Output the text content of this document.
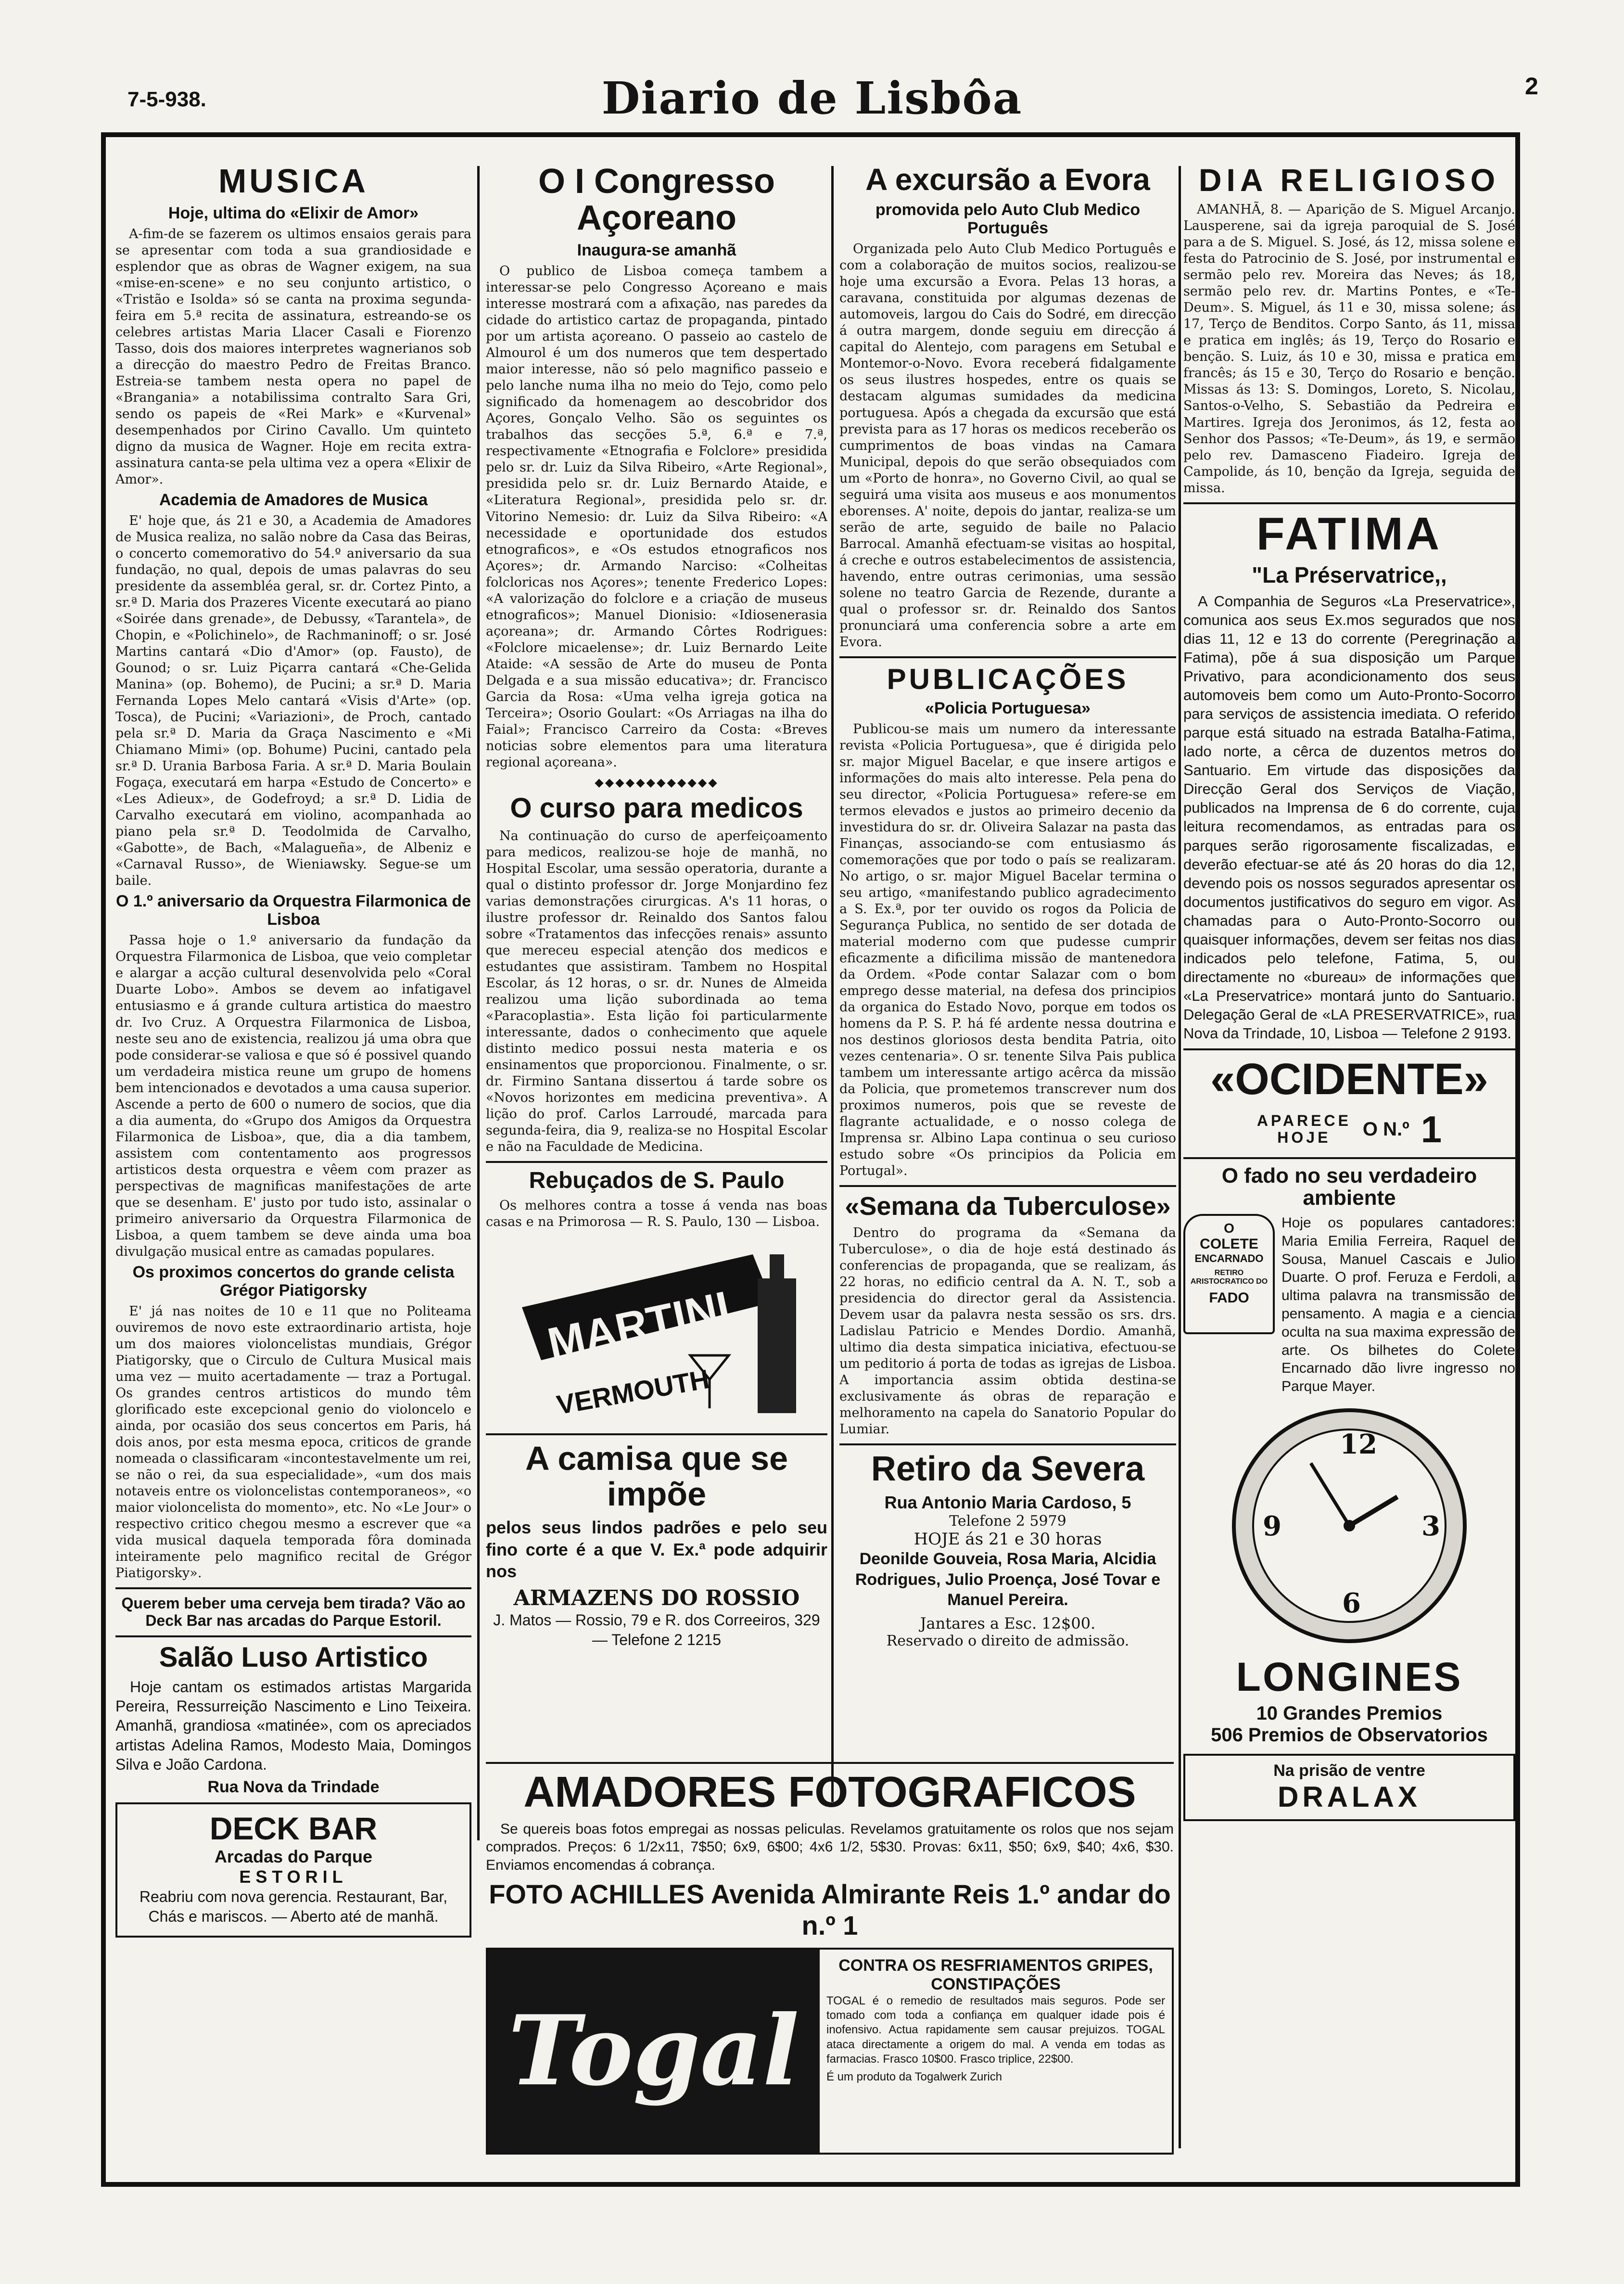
7-5-938.	Diario de Lisbôa	2
MUSICA
Hoje, ultima do «Elixir de Amor»

A-fim-de se fazerem os ultimos ensaios gerais para se apresentar com toda a sua grandiosidade e esplendor que as obras de Wagner exigem, na sua «mise-en-scene» e no seu conjunto artistico, o «Tristão e Isolda» só se canta na proxima segunda-feira em 5.ª recita de assinatura, estreando-se os celebres artistas Maria Llacer Casali e Fiorenzo Tasso, dois dos maiores interpretes wagnerianos sob a direcção do maestro Pedro de Freitas Branco. Estreia-se tambem nesta opera no papel de «Brangania» a notabilissima contralto Sara Gri, sendo os papeis de «Rei Mark» e «Kurvenal» desempenhados por Cirino Cavallo. Um quinteto digno da musica de Wagner. Hoje em recita extra-assinatura canta-se pela ultima vez a opera «Elixir de Amor».

Academia de Amadores de Musica

E' hoje que, ás 21 e 30, a Academia de Amadores de Musica realiza, no salão nobre da Casa das Beiras, o concerto comemorativo do 54.º aniversario da sua fundação, no qual, depois de umas palavras do seu presidente da assembléa geral, sr. dr. Cortez Pinto, a sr.ª D. Maria dos Prazeres Vicente executará ao piano «Soirée dans grenade», de Debussy, «Tarantela», de Chopin, e «Polichinelo», de Rachmaninoff; o sr. José Martins cantará «Dio d'Amor» (op. Fausto), de Gounod; o sr. Luiz Piçarra cantará «Che-Gelida Manina» (op. Bohemo), de Pucini; a sr.ª D. Maria Fernanda Lopes Melo cantará «Visis d'Arte» (op. Tosca), de Pucini; «Variazioni», de Proch, cantado pela sr.ª D. Maria da Graça Nascimento e «Mi Chiamano Mimi» (op. Bohume) Pucini, cantado pela sr.ª D. Urania Barbosa Faria. A sr.ª D. Maria Boulain Fogaça, executará em harpa «Estudo de Concerto» e «Les Adieux», de Godefroyd; a sr.ª D. Lidia de Carvalho executará em violino, acompanhada ao piano pela sr.ª D. Teodolmida de Carvalho, «Gabotte», de Bach, «Malagueña», de Albeniz e «Carnaval Russo», de Wieniawsky. Segue-se um baile.

O 1.º aniversario da Orquestra Filarmonica de Lisboa

Passa hoje o 1.º aniversario da fundação da Orquestra Filarmonica de Lisboa, que veio completar e alargar a acção cultural desenvolvida pelo «Coral Duarte Lobo». Ambos se devem ao infatigavel entusiasmo e á grande cultura artistica do maestro dr. Ivo Cruz. A Orquestra Filarmonica de Lisboa, neste seu ano de existencia, realizou já uma obra que pode considerar-se valiosa e que só é possivel quando um verdadeira mistica reune um grupo de homens bem intencionados e devotados a uma causa superior. Ascende a perto de 600 o numero de socios, que dia a dia aumenta, do «Grupo dos Amigos da Orquestra Filarmonica de Lisboa», que, dia a dia tambem, assistem com contentamento aos progressos artisticos desta orquestra e vêem com prazer as perspectivas de magnificas manifestações de arte que se desenham. E' justo por tudo isto, assinalar o primeiro aniversario da Orquestra Filarmonica de Lisboa, a quem tambem se deve ainda uma boa divulgação musical entre as camadas populares.

Os proximos concertos do grande celista Grégor Piatigorsky

E' já nas noites de 10 e 11 que no Politeama ouviremos de novo este extraordinario artista, hoje um dos maiores violoncelistas mundiais, Grégor Piatigorsky, que o Circulo de Cultura Musical mais uma vez — muito acertadamente — traz a Portugal. Os grandes centros artisticos do mundo têm glorificado este excepcional genio do violoncelo e ainda, por ocasião dos seus concertos em Paris, há dois anos, por esta mesma epoca, criticos de grande nomeada o classificaram «incontestavelmente um rei, se não o rei, da sua especialidade», «um dos mais notaveis entre os violoncelistas contemporaneos», «o maior violoncelista do momento», etc. No «Le Jour» o respectivo critico chegou mesmo a escrever que «a vida musical daquela temporada fôra dominada inteiramente pelo magnifico recital de Grégor Piatigorsky».

Querem beber uma cerveja bem tirada? Vão ao Deck Bar nas arcadas do Parque Estoril.
Salão Luso Artistico

Hoje cantam os estimados artistas Margarida Pereira, Ressurreição Nascimento e Lino Teixeira. Amanhã, grandiosa «matinée», com os apreciados artistas Adelina Ramos, Modesto Maia, Domingos Silva e João Cardona.

Rua Nova da Trindade
DECK BAR
Arcadas do Parque
ESTORIL

Reabriu com nova gerencia. Restaurant, Bar, Chás e mariscos. — Aberto até de manhã.

O I Congresso Açoreano
Inaugura-se amanhã

O publico de Lisboa começa tambem a interessar-se pelo Congresso Açoreano e mais interesse mostrará com a afixação, nas paredes da cidade do artistico cartaz de propaganda, pintado por um artista açoreano. O passeio ao castelo de Almourol é um dos numeros que tem despertado maior interesse, não só pelo magnifico passeio e pelo lanche numa ilha no meio do Tejo, como pelo significado da homenagem ao descobridor dos Açores, Gonçalo Velho. São os seguintes os trabalhos das secções 5.ª, 6.ª e 7.ª, respectivamente «Etnografia e Folclore» presidida pelo sr. dr. Luiz da Silva Ribeiro, «Arte Regional», presidida pelo sr. dr. Luiz Bernardo Ataide, e «Literatura Regional», presidida pelo sr. dr. Vitorino Nemesio: dr. Luiz da Silva Ribeiro: «A necessidade e oportunidade dos estudos etnograficos», e «Os estudos etnograficos nos Açores»; dr. Armando Narciso: «Colheitas folcloricas nos Açores»; tenente Frederico Lopes: «A valorização do folclore e a criação de museus etnograficos»; Manuel Dionisio: «Idiosenerasia açoreana»; dr. Armando Côrtes Rodrigues: «Folclore micaelense»; dr. Luiz Bernardo Leite Ataide: «A sessão de Arte do museu de Ponta Delgada e a sua missão educativa»; dr. Francisco Garcia da Rosa: «Uma velha igreja gotica na Terceira»; Osorio Goulart: «Os Arriagas na ilha do Faial»; Francisco Carreiro da Costa: «Breves noticias sobre elementos para uma literatura regional açoreana».

◆◆◆◆◆◆◆◆◆◆◆◆
O curso para medicos

Na continuação do curso de aperfeiçoamento para medicos, realizou-se hoje de manhã, no Hospital Escolar, uma sessão operatoria, durante a qual o distinto professor dr. Jorge Monjardino fez varias demonstrações cirurgicas. A's 11 horas, o ilustre professor dr. Reinaldo dos Santos falou sobre «Tratamentos das infecções renais» assunto que mereceu especial atenção dos medicos e estudantes que assistiram. Tambem no Hospital Escolar, ás 12 horas, o sr. dr. Nunes de Almeida realizou uma lição subordinada ao tema «Paracoplastia». Esta lição foi particularmente interessante, dados o conhecimento que aquele distinto medico possui nesta materia e os ensinamentos que proporcionou. Finalmente, o sr. dr. Firmino Santana dissertou á tarde sobre os «Novos horizontes em medicina preventiva». A lição do prof. Carlos Larroudé, marcada para segunda-feira, dia 9, realiza-se no Hospital Escolar e não na Faculdade de Medicina.

Rebuçados de S. Paulo

Os melhores contra a tosse á venda nas boas casas e na Primorosa — R. S. Paulo, 130 — Lisboa.

MARTINI
VERMOUTH
A camisa que se impõe

pelos seus lindos padrões e pelo seu fino corte é a que V. Ex.ª pode adquirir nos

ARMAZENS DO ROSSIO

J. Matos — Rossio, 79 e R. dos Correeiros, 329 — Telefone 2 1215

A excursão a Evora
promovida pelo Auto Club Medico Português

Organizada pelo Auto Club Medico Português e com a colaboração de muitos socios, realizou-se hoje uma excursão a Evora. Pelas 13 horas, a caravana, constituida por algumas dezenas de automoveis, largou do Cais do Sodré, em direcção á outra margem, donde seguiu em direcção á capital do Alentejo, com paragens em Setubal e Montemor-o-Novo. Evora receberá fidalgamente os seus ilustres hospedes, entre os quais se destacam algumas sumidades da medicina portuguesa. Após a chegada da excursão que está prevista para as 17 horas os medicos receberão os cumprimentos de boas vindas na Camara Municipal, depois do que serão obsequiados com um «Porto de honra», no Governo Civil, ao qual se seguirá uma visita aos museus e aos monumentos eborenses. A' noite, depois do jantar, realiza-se um serão de arte, seguido de baile no Palacio Barrocal. Amanhã efectuam-se visitas ao hospital, á creche e outros estabelecimentos de assistencia, havendo, entre outras cerimonias, uma sessão solene no teatro Garcia de Rezende, durante a qual o professor sr. dr. Reinaldo dos Santos pronunciará uma conferencia sobre a arte em Evora.

PUBLICAÇÕES
«Policia Portuguesa»

Publicou-se mais um numero da interessante revista «Policia Portuguesa», que é dirigida pelo sr. major Miguel Bacelar, e que insere artigos e informações do mais alto interesse. Pela pena do seu director, «Policia Portuguesa» refere-se em termos elevados e justos ao primeiro decenio da investidura do sr. dr. Oliveira Salazar na pasta das Finanças, associando-se com entusiasmo ás comemorações que por todo o país se realizaram. No artigo, o sr. major Miguel Bacelar termina o seu artigo, «manifestando publico agradecimento a S. Ex.ª, por ter ouvido os rogos da Policia de Segurança Publica, no sentido de ser dotada de material moderno com que pudesse cumprir eficazmente a dificilima missão de mantenedora da Ordem. «Pode contar Salazar com o bom emprego desse material, na defesa dos principios da organica do Estado Novo, porque em todos os homens da P. S. P. há fé ardente nessa doutrina e nos destinos gloriosos desta bendita Patria, oito vezes centenaria». O sr. tenente Silva Pais publica tambem um interessante artigo acêrca da missão da Policia, que prometemos transcrever num dos proximos numeros, pois que se reveste de flagrante actualidade, e o nosso colega de Imprensa sr. Albino Lapa continua o seu curioso estudo sobre «Os principios da Policia em Portugal».

«Semana da Tuberculose»

Dentro do programa da «Semana da Tuberculose», o dia de hoje está destinado ás conferencias de propaganda, que se realizam, ás 22 horas, no edificio central da A. N. T., sob a presidencia do director geral da Assistencia. Devem usar da palavra nesta sessão os srs. drs. Ladislau Patricio e Mendes Dordio. Amanhã, ultimo dia desta simpatica iniciativa, efectuou-se um peditorio á porta de todas as igrejas de Lisboa. A importancia assim obtida destina-se exclusivamente ás obras de reparação e melhoramento na capela do Sanatorio Popular do Lumiar.

Retiro da Severa
Rua Antonio Maria Cardoso, 5
Telefone 2 5979
HOJE ás 21 e 30 horas

Deonilde Gouveia, Rosa Maria, Alcidia Rodrigues, Julio Proença, José Tovar e Manuel Pereira.

Jantares a Esc. 12$00.
Reservado o direito de admissão.
DIA RELIGIOSO

AMANHÃ, 8. — Aparição de S. Miguel Arcanjo. Lausperene, sai da igreja paroquial de S. José para a de S. Miguel. S. José, ás 12, missa solene e festa do Patrocinio de S. José, por instrumental e sermão pelo rev. Moreira das Neves; ás 18, sermão pelo rev. dr. Martins Pontes, e «Te-Deum». S. Miguel, ás 11 e 30, missa solene; ás 17, Terço de Benditos. Corpo Santo, ás 11, missa e pratica em inglês; ás 19, Terço do Rosario e benção. S. Luiz, ás 10 e 30, missa e pratica em francês; ás 15 e 30, Terço do Rosario e benção. Missas ás 13: S. Domingos, Loreto, S. Nicolau, Santos-o-Velho, S. Sebastião da Pedreira e Martires. Igreja dos Jeronimos, ás 12, festa ao Senhor dos Passos; «Te-Deum», ás 19, e sermão pelo rev. Damasceno Fiadeiro. Igreja de Campolide, ás 10, benção da Igreja, seguida de missa.

FATIMA
"La Préservatrice,,

A Companhia de Seguros «La Preservatrice», comunica aos seus Ex.mos segurados que nos dias 11, 12 e 13 do corrente (Peregrinação a Fatima), põe á sua disposição um Parque Privativo, para acondicionamento dos seus automoveis bem como um Auto-Pronto-Socorro para serviços de assistencia imediata. O referido parque está situado na estrada Batalha-Fatima, lado norte, a cêrca de duzentos metros do Santuario. Em virtude das disposições da Direcção Geral dos Serviços de Viação, publicados na Imprensa de 6 do corrente, cuja leitura recomendamos, as entradas para os parques serão rigorosamente fiscalizadas, e deverão efectuar-se até ás 20 horas do dia 12, devendo pois os nossos segurados apresentar os documentos justificativos do seguro em vigor. As chamadas para o Auto-Pronto-Socorro ou quaisquer informações, devem ser feitas nos dias indicados pelo telefone, Fatima, 5, ou directamente no «bureau» de informações que «La Preservatrice» montará junto do Santuario. Delegação Geral de «LA PRESERVATRICE», rua Nova da Trindade, 10, Lisboa — Telefone 2 9193.

«OCIDENTE»
APARECE
HOJE	O N.º 1
O fado no seu verdadeiro ambiente
O
COLETE
ENCARNADO
RETIRO ARISTOCRATICO DO
FADO

Hoje os populares cantadores: Maria Emilia Ferreira, Raquel de Sousa, Manuel Cascais e Julio Duarte. O prof. Feruza e Ferdoli, a ultima palavra na transmissão de pensamento. A magia e a ciencia oculta na sua maxima expressão de arte. Os bilhetes do Colete Encarnado dão livre ingresso no Parque Mayer.

12
3
6
9
LONGINES
10 Grandes Premios
506 Premios de Observatorios
Na prisão de ventre
DRALAX
AMADORES FOTOGRAFICOS

Se quereis boas fotos empregai as nossas peliculas. Revelamos gratuitamente os rolos que nos sejam comprados. Preços: 6 1/2x11, 7$50; 6x9, 6$00; 4x6 1/2, 5$30. Provas: 6x11, $50; 6x9, $40; 4x6, $30. Enviamos encomendas á cobrança.

FOTO ACHILLES Avenida Almirante Reis 1.º andar do n.º 1
Togal
CONTRA OS RESFRIAMENTOS GRIPES, CONSTIPAÇÕES

TOGAL é o remedio de resultados mais seguros. Pode ser tomado com toda a confiança em qualquer idade pois é inofensivo. Actua rapidamente sem causar prejuizos. TOGAL ataca directamente a origem do mal. A venda em todas as farmacias. Frasco 10$00. Frasco triplice, 22$00.

É um produto da Togalwerk Zurich
